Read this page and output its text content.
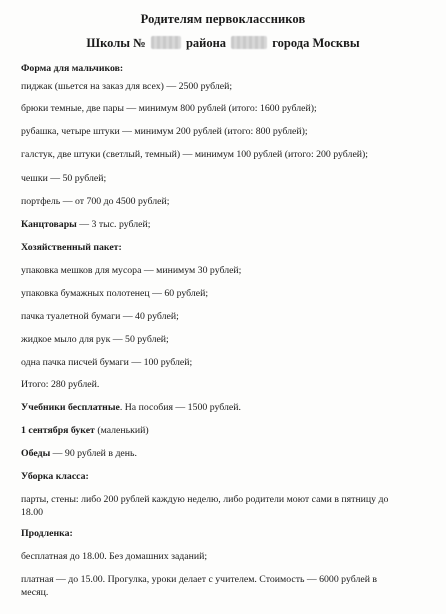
Родителям первоклассников
Школы №	района	города Москвы
Форма для мальчиков:
пиджак (шьется на заказ для всех) — 2500 рублей;
брюки темные, две пары — минимум 800 рублей (итого: 1600 рублей);
рубашка, четыре штуки — минимум 200 рублей (итого: 800 рублей);
галстук, две штуки (светлый, темный) — минимум 100 рублей (итого: 200 рублей);
чешки — 50 рублей;
портфель — от 700 до 4500 рублей;
Канцтовары — 3 тыс. рублей;
Хозяйственный пакет:
упаковка мешков для мусора — минимум 30 рублей;
упаковка бумажных полотенец — 60 рублей;
пачка туалетной бумаги — 40 рублей;
жидкое мыло для рук — 50 рублей;
одна пачка писчей бумаги — 100 рублей;
Итого: 280 рублей.
Учебники бесплатные. На пособия — 1500 рублей.
1 сентября букет (маленький)
Обеды — 90 рублей в день.
Уборка класса:
парты, стены: либо 200 рублей каждую неделю, либо родители моют сами в пятницу до 18.00
Продленка:
бесплатная до 18.00. Без домашних заданий;
платная — до 15.00. Прогулка, уроки делает с учителем. Стоимость — 6000 рублей в месяц.
